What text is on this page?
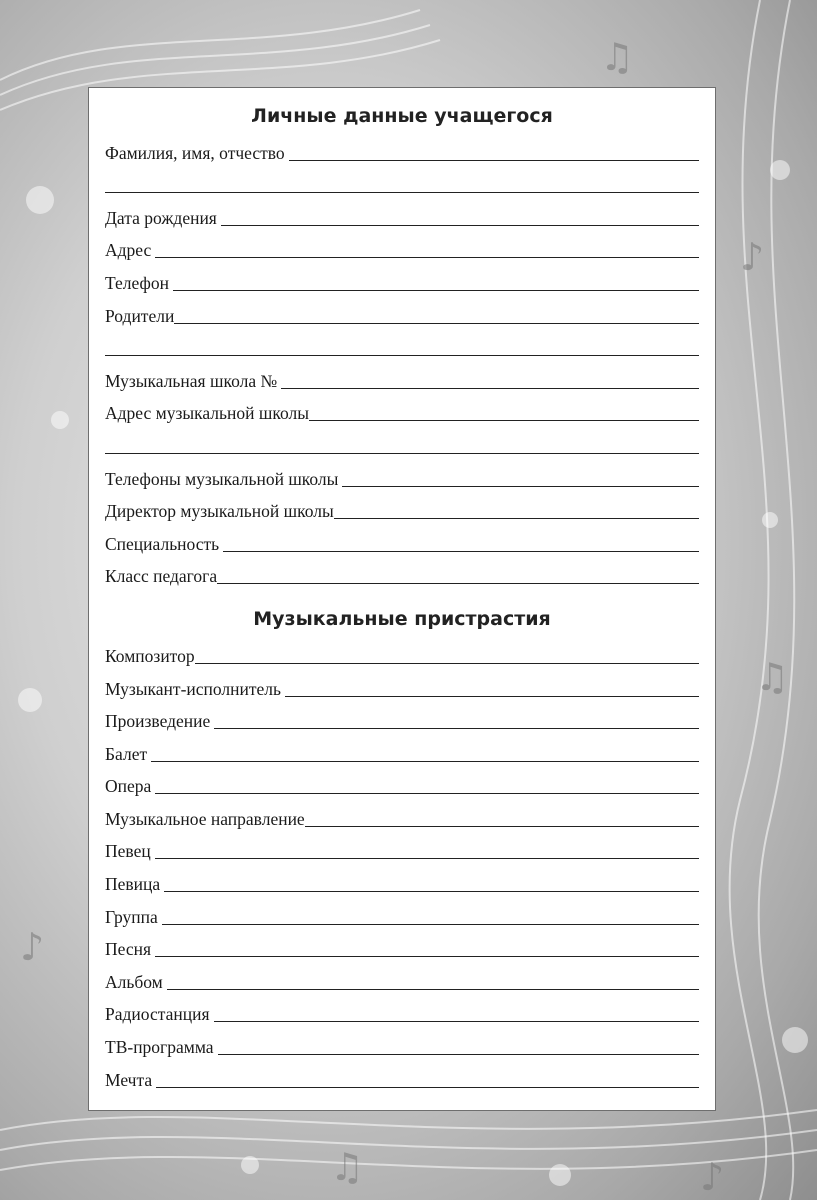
♫
♪
♫
♪
♫	♪
Личные данные учащегося
Фамилия, имя, отчество
Дата рождения
Адрес
Телефон
Родители
Музыкальная школа №
Адрес музыкальной школы
Телефоны музыкальной школы
Директор музыкальной школы
Специальность
Класс педагога
Музыкальные пристрастия
Композитор
Музыкант-исполнитель
Произведение
Балет
Опера
Музыкальное направление
Певец
Певица
Группа
Песня
Альбом
Радиостанция
ТВ-программа
Мечта
